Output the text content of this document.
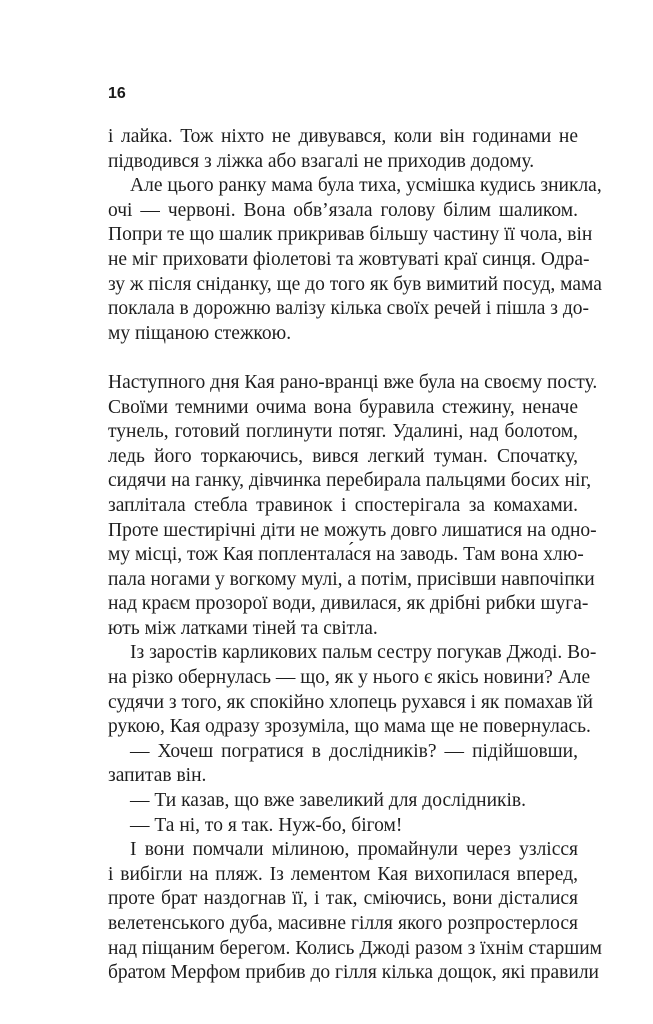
16
і лайка. Тож ніхто не дивувався, коли він годинами не
підводився з ліжка або взагалі не приходив додому.
Але цього ранку мама була тиха, усмішка кудись зникла,
очі — червоні. Вона обв’язала голову білим шаликом.
Попри те що шалик прикривав більшу частину її чола, він
не міг приховати фіолетові та жовтуваті краї синця. Одра-
зу ж після сніданку, ще до того як був вимитий посуд, мама
поклала в дорожню валізу кілька своїх речей і пішла з до-
му піщаною стежкою.
Наступного дня Кая рано-вранці вже була на своєму посту.
Своїми темними очима вона буравила стежину, неначе
тунель, готовий поглинути потяг. Удалині, над болотом,
ледь його торкаючись, вився легкий туман. Спочатку,
сидячи на ганку, дівчинка перебирала пальцями босих ніг,
заплітала стебла травинок і спостерігала за комахами.
Проте шестирічні діти не можуть довго лишатися на одно-
му місці, тож Кая поплентала́ся на заводь. Там вона хлю-
пала ногами у вогкому мулі, а потім, присівши навпочіпки
над краєм прозорої води, дивилася, як дрібні рибки шуга-
ють між латками тіней та світла.
Із заростів карликових пальм сестру погукав Джоді. Во-
на різко обернулась — що, як у нього є якісь новини? Але
судячи з того, як спокійно хлопець рухався і як помахав їй
рукою, Кая одразу зрозуміла, що мама ще не повернулась.
— Хочеш погратися в дослідників? — підійшовши,
запитав він.
— Ти казав, що вже завеликий для дослідників.
— Та ні, то я так. Нуж-бо, бігом!
І вони помчали мілиною, промайнули через узлісся
і вибігли на пляж. Із лементом Кая вихопилася вперед,
проте брат наздогнав її, і так, сміючись, вони дісталися
велетенського дуба, масивне гілля якого розпростерлося
над піщаним берегом. Колись Джоді разом з їхнім старшим
братом Мерфом прибив до гілля кілька дощок, які правили
